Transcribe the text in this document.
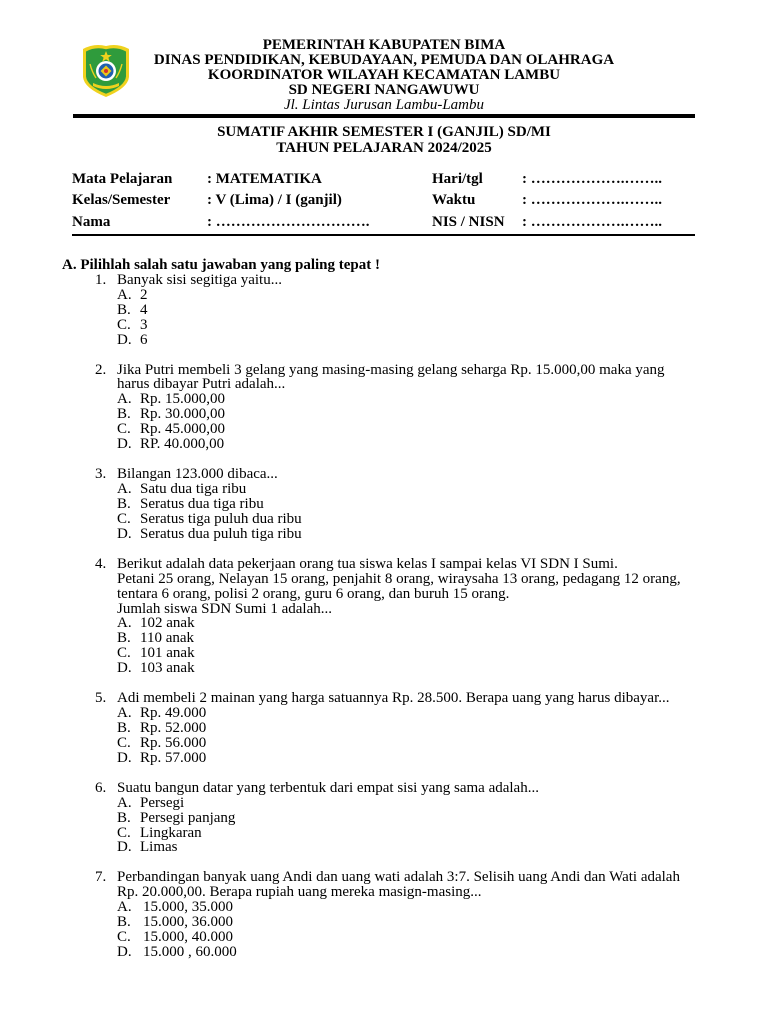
PEMERINTAH KABUPATEN BIMA
DINAS PENDIDIKAN, KEBUDAYAAN, PEMUDA DAN OLAHRAGA
KOORDINATOR WILAYAH KECAMATAN LAMBU
SD NEGERI NANGAWUWU
Jl. Lintas Jurusan Lambu-Lambu
SUMATIF AKHIR SEMESTER I (GANJIL) SD/MI
TAHUN PELAJARAN 2024/2025
Mata Pelajaran : MATEMATIKA	Hari/tgl	: ……………….……..
Kelas/Semester : V (Lima) / I (ganjil)	Waktu	: ……………….……..
Nama	: ………………………….	NIS / NISN : ……………….……..
A. Pilihlah salah satu jawaban yang paling tepat !
1. Banyak sisi segitiga yaitu...
A. 2
B. 4
C. 3
D. 6
2. Jika Putri membeli 3 gelang yang masing-masing gelang seharga Rp. 15.000,00 maka yang
harus dibayar Putri adalah...
A. Rp. 15.000,00
B. Rp. 30.000,00
C. Rp. 45.000,00
D. RP. 40.000,00
3. Bilangan 123.000 dibaca...
A. Satu dua tiga ribu
B. Seratus dua tiga ribu
C. Seratus tiga puluh dua ribu
D. Seratus dua puluh tiga ribu
4. Berikut adalah data pekerjaan orang tua siswa kelas I sampai kelas VI SDN I Sumi.
Petani 25 orang, Nelayan 15 orang, penjahit 8 orang, wiraysaha 13 orang, pedagang 12 orang,
tentara 6 orang, polisi 2 orang, guru 6 orang, dan buruh 15 orang.
Jumlah siswa SDN Sumi 1 adalah...
A. 102 anak
B. 110 anak
C. 101 anak
D. 103 anak
5. Adi membeli 2 mainan yang harga satuannya Rp. 28.500. Berapa uang yang harus dibayar...
A. Rp. 49.000
B. Rp. 52.000
C. Rp. 56.000
D. Rp. 57.000
6. Suatu bangun datar yang terbentuk dari empat sisi yang sama adalah...
A. Persegi
B. Persegi panjang
C. Lingkaran
D. Limas
7. Perbandingan banyak uang Andi dan uang wati adalah 3:7. Selisih uang Andi dan Wati adalah
Rp. 20.000,00. Berapa rupiah uang mereka masign-masing...
A. 15.000, 35.000
B. 15.000, 36.000
C. 15.000, 40.000
D. 15.000 , 60.000
